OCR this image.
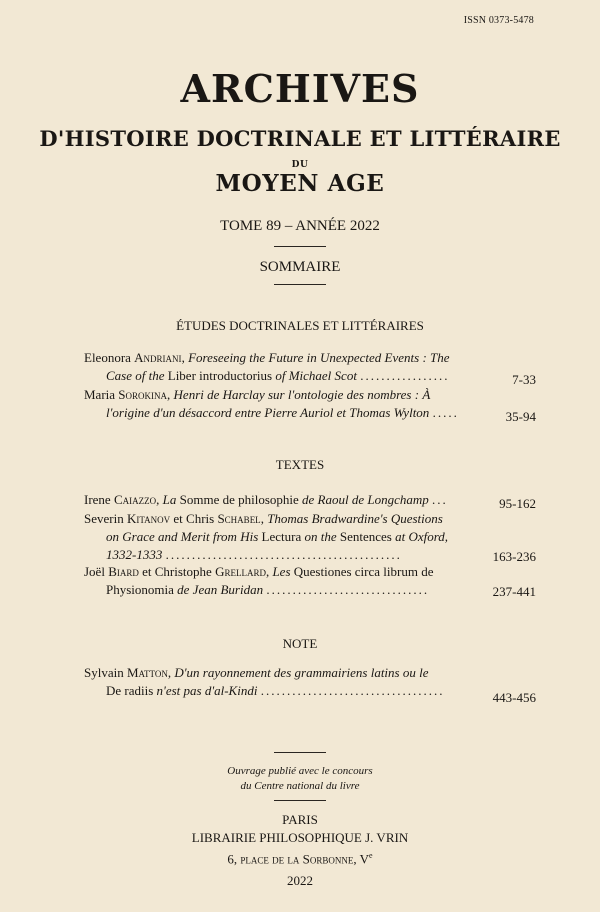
ISSN 0373-5478
ARCHIVES
D'HISTOIRE DOCTRINALE ET LITTÉRAIRE
DU
MOYEN AGE
TOME 89 – ANNÉE 2022
SOMMAIRE
ÉTUDES DOCTRINALES ET LITTÉRAIRES
Eleonora Andriani, Foreseeing the Future in Unexpected Events : The
Case of the Liber introductorius of Michael Scot .................	7-33
Maria Sorokina, Henri de Harclay sur l'ontologie des nombres : À
l'origine d'un désaccord entre Pierre Auriol et Thomas Wylton .....	35-94
TEXTES
Irene Caiazzo, La Somme de philosophie de Raoul de Longchamp ...	95-162
Severin Kitanov et Chris Schabel, Thomas Bradwardine's Questions
on Grace and Merit from His Lectura on the Sentences at Oxford,
1332-1333 .............................................	163-236
Joël Biard et Christophe Grellard, Les Questiones circa librum de
Physionomia de Jean Buridan ...............................	237-441
NOTE
Sylvain Matton, D'un rayonnement des grammairiens latins ou le
De radiis n'est pas d'al-Kindi ...................................	443-456
Ouvrage publié avec le concours
du Centre national du livre
PARIS
LIBRAIRIE PHILOSOPHIQUE J. VRIN
6, place de la Sorbonne, Ve
2022
